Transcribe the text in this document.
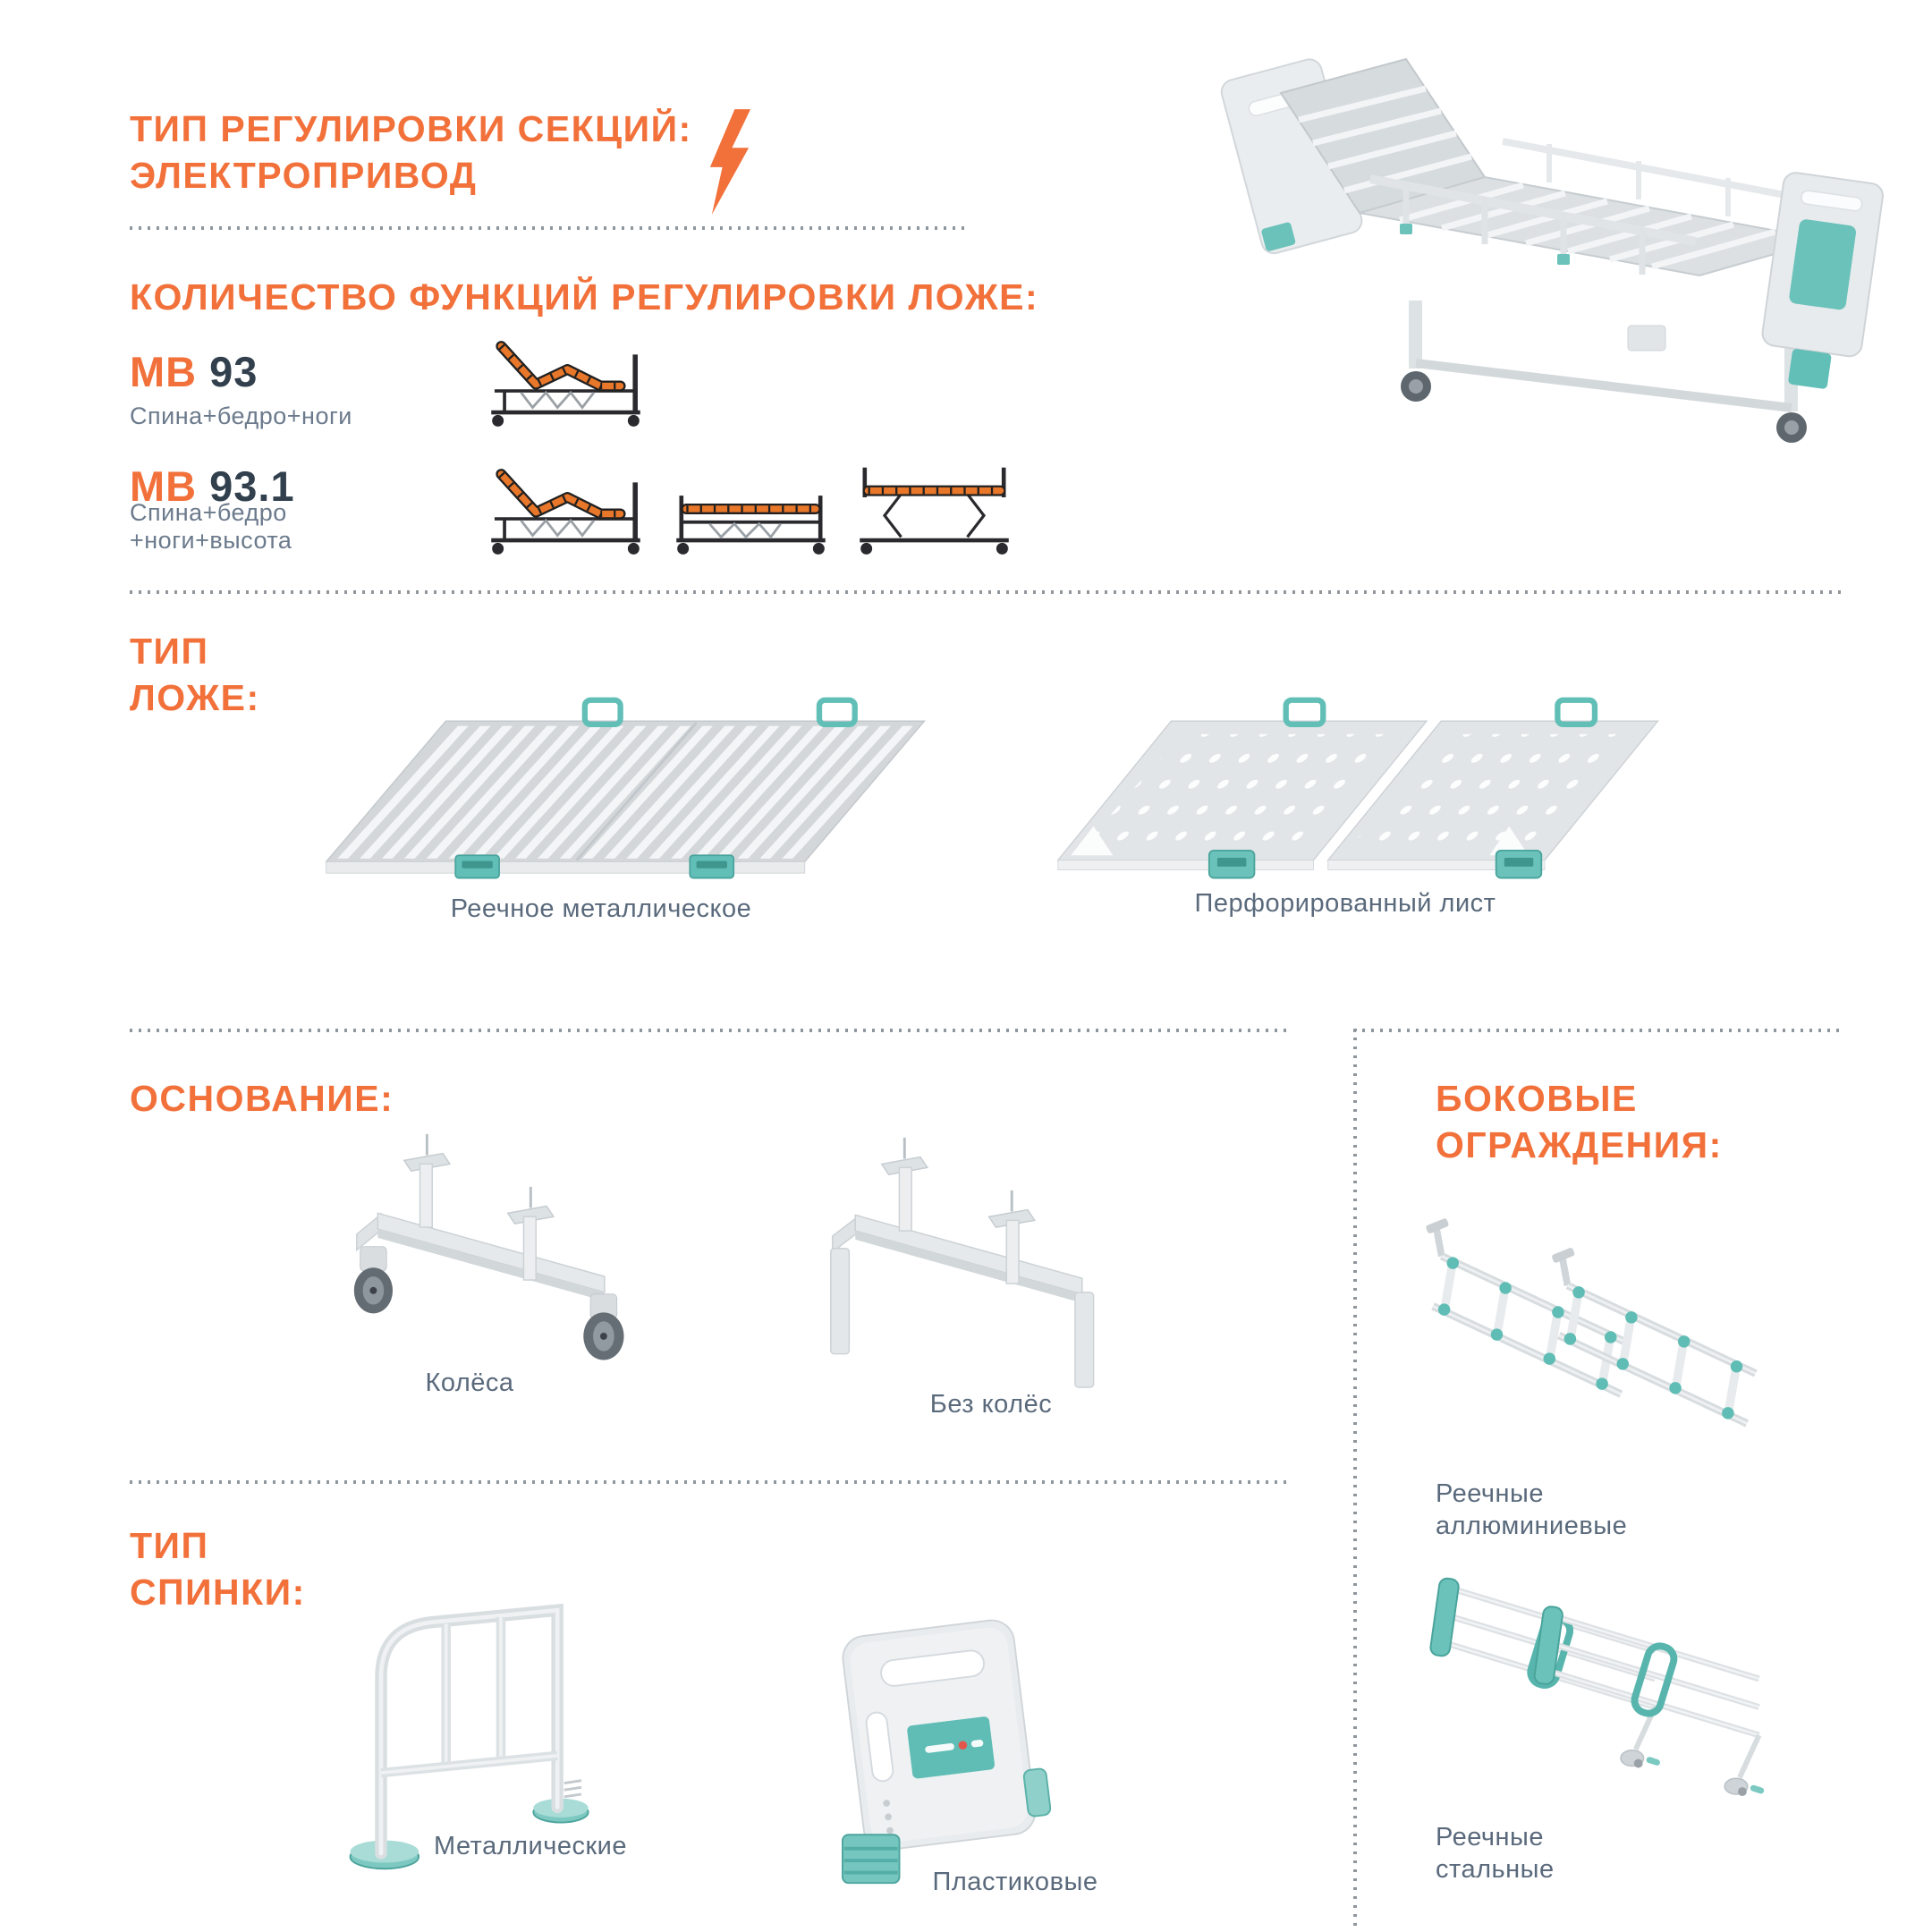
ТИП РЕГУЛИРОВКИ СЕКЦИЙ:
ЭЛЕКТРОПРИВОД
КОЛИЧЕСТВО ФУНКЦИЙ РЕГУЛИРОВКИ ЛОЖЕ:
МВ 93
Спина+бедро+ноги
МВ 93.1
Спина+бедро
+ноги+высота
ТИП
ЛОЖЕ:
Реечное металлическое	Перфорированный лист
ОСНОВАНИЕ:
Колёса
Без колёс
ТИП
СПИНКИ:
Металлические
Пластиковые
БОКОВЫЕ
ОГРАЖДЕНИЯ:
Реечные
аллюминиевые
Реечные
стальные
